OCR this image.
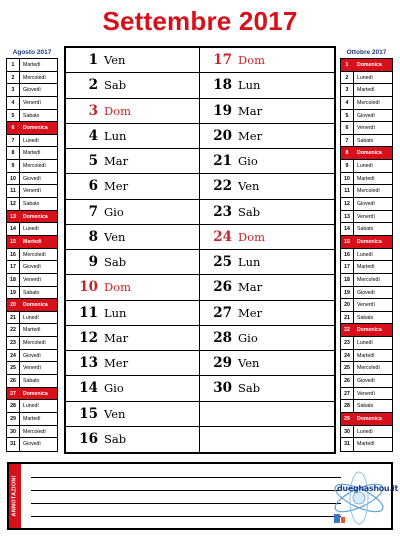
Settembre 2017
Agosto 2017
1	Martedì
2	Mercoledì
3	Giovedì
4	Venerdì
5	Sabato
6	Domenica
7	Lunedì
8	Martedì
9	Mercoledì
10	Giovedì
11	Venerdì
12	Sabato
13	Domenica
14	Lunedì
15	Martedì
16	Mercoledì
17	Giovedì
18	Venerdì
19	Sabato
20	Domenica
21	Lunedì
22	Martedì
23	Mercoledì
24	Giovedì
25	Venerdì
26	Sabato
27	Domenica
28	Lunedì
29	Martedì
30	Mercoledì
31	Giovedì
Ottobre 2017
1	Domenica
2	Lunedì
3	Martedì
4	Mercoledì
5	Giovedì
6	Venerdì
7	Sabato
8	Domenica
9	Lunedì
10	Martedì
11	Mercoledì
12	Giovedì
13	Venerdì
14	Sabato
15	Domenica
16	Lunedì
17	Martedì
18	Mercoledì
19	Giovedì
20	Venerdì
21	Sabato
22	Domenica
23	Lunedì
24	Martedì
25	Mercoledì
26	Giovedì
27	Venerdì
28	Sabato
29	Domenica
30	Lunedì
31	Martedì
1 Ven
2 Sab
3 Dom
4 Lun
5 Mar
6 Mer
7 Gio
8 Ven
9 Sab
10 Dom
11 Lun
12 Mar
13 Mer
14 Gio
15 Ven
16 Sab
17 Dom
18 Lun
19 Mar
20 Mer
21 Gio
22 Ven
23 Sab
24 Dom
25 Lun
26 Mar
27 Mer
28 Gio
29 Ven
30 Sab
ANNOTAZIONI	dueghashou.it
